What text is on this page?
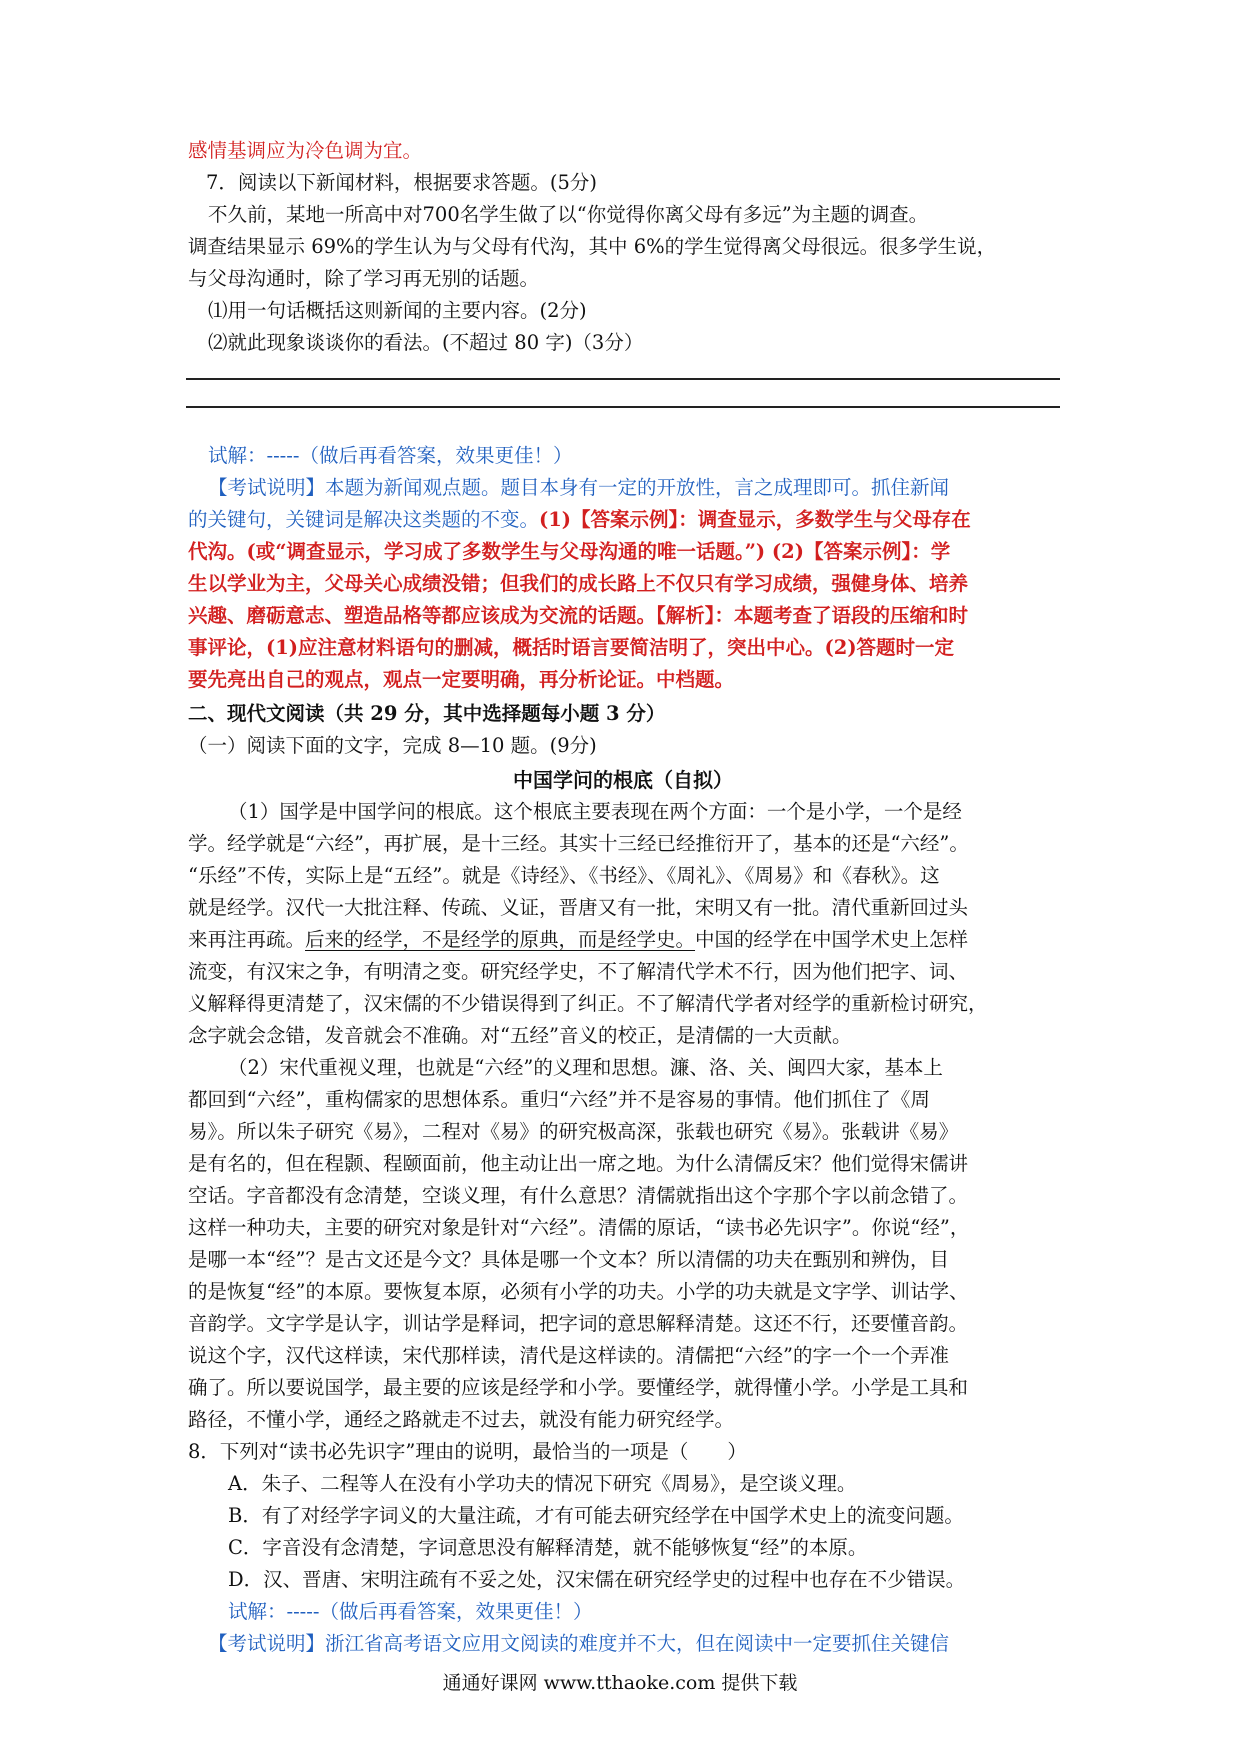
感情基调应为冷色调为宜。
7．阅读以下新闻材料，根据要求答题。(5分)
不久前，某地一所高中对700名学生做了以“你觉得你离父母有多远”为主题的调查。
调查结果显示 69%的学生认为与父母有代沟，其中 6%的学生觉得离父母很远。很多学生说，
与父母沟通时，除了学习再无别的话题。
⑴用一句话概括这则新闻的主要内容。(2分)
⑵就此现象谈谈你的看法。(不超过 80 字)（3分）
试解：-----（做后再看答案，效果更佳！）
【考试说明】本题为新闻观点题。题目本身有一定的开放性，言之成理即可。抓住新闻
的关键句，关键词是解决这类题的不变。(1)【答案示例】：调查显示，多数学生与父母存在
代沟。(或“调查显示，学习成了多数学生与父母沟通的唯一话题。”) (2)【答案示例】：学
生以学业为主，父母关心成绩没错；但我们的成长路上不仅只有学习成绩，强健身体、培养
兴趣、磨砺意志、塑造品格等都应该成为交流的话题。【解析】：本题考查了语段的压缩和时
事评论，(1)应注意材料语句的删减，概括时语言要简洁明了，突出中心。(2)答题时一定
要先亮出自己的观点，观点一定要明确，再分析论证。中档题。
二、现代文阅读（共 29 分，其中选择题每小题 3 分）
（一）阅读下面的文字，完成 8—10 题。(9分)
中国学问的根底（自拟）
（1）国学是中国学问的根底。这个根底主要表现在两个方面：一个是小学，一个是经
学。经学就是“六经”，再扩展，是十三经。其实十三经已经推衍开了，基本的还是“六经”。
“乐经”不传，实际上是“五经”。就是《诗经》、《书经》、《周礼》、《周易》和《春秋》。这
就是经学。汉代一大批注释、传疏、义证，晋唐又有一批，宋明又有一批。清代重新回过头
来再注再疏。后来的经学，不是经学的原典，而是经学史。中国的经学在中国学术史上怎样
流变，有汉宋之争，有明清之变。研究经学史，不了解清代学术不行，因为他们把字、词、
义解释得更清楚了，汉宋儒的不少错误得到了纠正。不了解清代学者对经学的重新检讨研究，
念字就会念错，发音就会不准确。对“五经”音义的校正，是清儒的一大贡献。
（2）宋代重视义理，也就是“六经”的义理和思想。濂、洛、关、闽四大家，基本上
都回到“六经”，重构儒家的思想体系。重归“六经”并不是容易的事情。他们抓住了《周
易》。所以朱子研究《易》，二程对《易》的研究极高深，张载也研究《易》。张载讲《易》
是有名的，但在程颢、程颐面前，他主动让出一席之地。为什么清儒反宋？他们觉得宋儒讲
空话。字音都没有念清楚，空谈义理，有什么意思？清儒就指出这个字那个字以前念错了。
这样一种功夫，主要的研究对象是针对“六经”。清儒的原话，“读书必先识字”。你说“经”，
是哪一本“经”？是古文还是今文？具体是哪一个文本？所以清儒的功夫在甄别和辨伪，目
的是恢复“经”的本原。要恢复本原，必须有小学的功夫。小学的功夫就是文字学、训诂学、
音韵学。文字学是认字，训诂学是释词，把字词的意思解释清楚。这还不行，还要懂音韵。
说这个字，汉代这样读，宋代那样读，清代是这样读的。清儒把“六经”的字一个一个弄准
确了。所以要说国学，最主要的应该是经学和小学。要懂经学，就得懂小学。小学是工具和
路径，不懂小学，通经之路就走不过去，就没有能力研究经学。
8．下列对“读书必先识字”理由的说明，最恰当的一项是（　　）
A．朱子、二程等人在没有小学功夫的情况下研究《周易》，是空谈义理。
B．有了对经学字词义的大量注疏，才有可能去研究经学在中国学术史上的流变问题。
C．字音没有念清楚，字词意思没有解释清楚，就不能够恢复“经”的本原。
D．汉、晋唐、宋明注疏有不妥之处，汉宋儒在研究经学史的过程中也存在不少错误。
试解：-----（做后再看答案，效果更佳！）
【考试说明】浙江省高考语文应用文阅读的难度并不大，但在阅读中一定要抓住关键信
通通好课网 www.tthaoke.com 提供下载
